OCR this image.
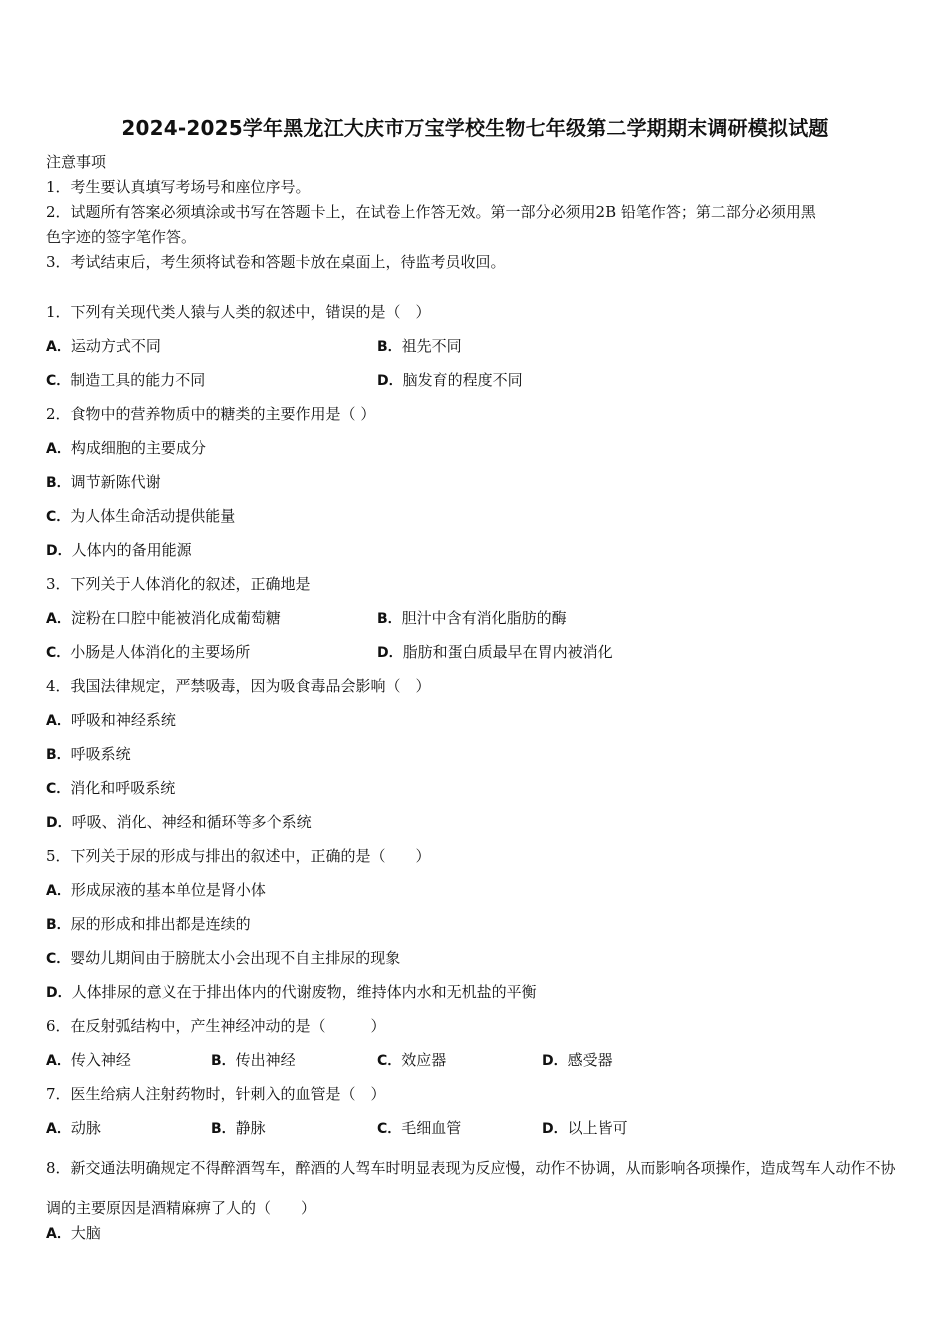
2024-2025学年黑龙江大庆市万宝学校生物七年级第二学期期末调研模拟试题
注意事项
1．考生要认真填写考场号和座位序号。
2．试题所有答案必须填涂或书写在答题卡上，在试卷上作答无效。第一部分必须用2B 铅笔作答；第二部分必须用黑
色字迹的签字笔作答。
3．考试结束后，考生须将试卷和答题卡放在桌面上，待监考员收回。
1．下列有关现代类人猿与人类的叙述中，错误的是（　）
A．运动方式不同	B．祖先不同
C．制造工具的能力不同	D．脑发育的程度不同
2．食物中的营养物质中的糖类的主要作用是（ ）
A．构成细胞的主要成分
B．调节新陈代谢
C．为人体生命活动提供能量
D．人体内的备用能源
3．下列关于人体消化的叙述，正确地是
A．淀粉在口腔中能被消化成葡萄糖	B．胆汁中含有消化脂肪的酶
C．小肠是人体消化的主要场所	D．脂肪和蛋白质最早在胃内被消化
4．我国法律规定，严禁吸毒，因为吸食毒品会影响（　）
A．呼吸和神经系统
B．呼吸系统
C．消化和呼吸系统
D．呼吸、消化、神经和循环等多个系统
5．下列关于尿的形成与排出的叙述中，正确的是（　　）
A．形成尿液的基本单位是肾小体
B．尿的形成和排出都是连续的
C．婴幼儿期间由于膀胱太小会出现不自主排尿的现象
D．人体排尿的意义在于排出体内的代谢废物，维持体内水和无机盐的平衡
6．在反射弧结构中，产生神经冲动的是（　　　）
A．传入神经	B．传出神经	C．效应器	D．感受器
7．医生给病人注射药物时，针刺入的血管是（　）
A．动脉	B．静脉	C．毛细血管	D．以上皆可
8．新交通法明确规定不得醉酒驾车，醉酒的人驾车时明显表现为反应慢，动作不协调，从而影响各项操作，造成驾车人动作不协调的主要原因是酒精麻痹了人的（　　）
A．大脑
